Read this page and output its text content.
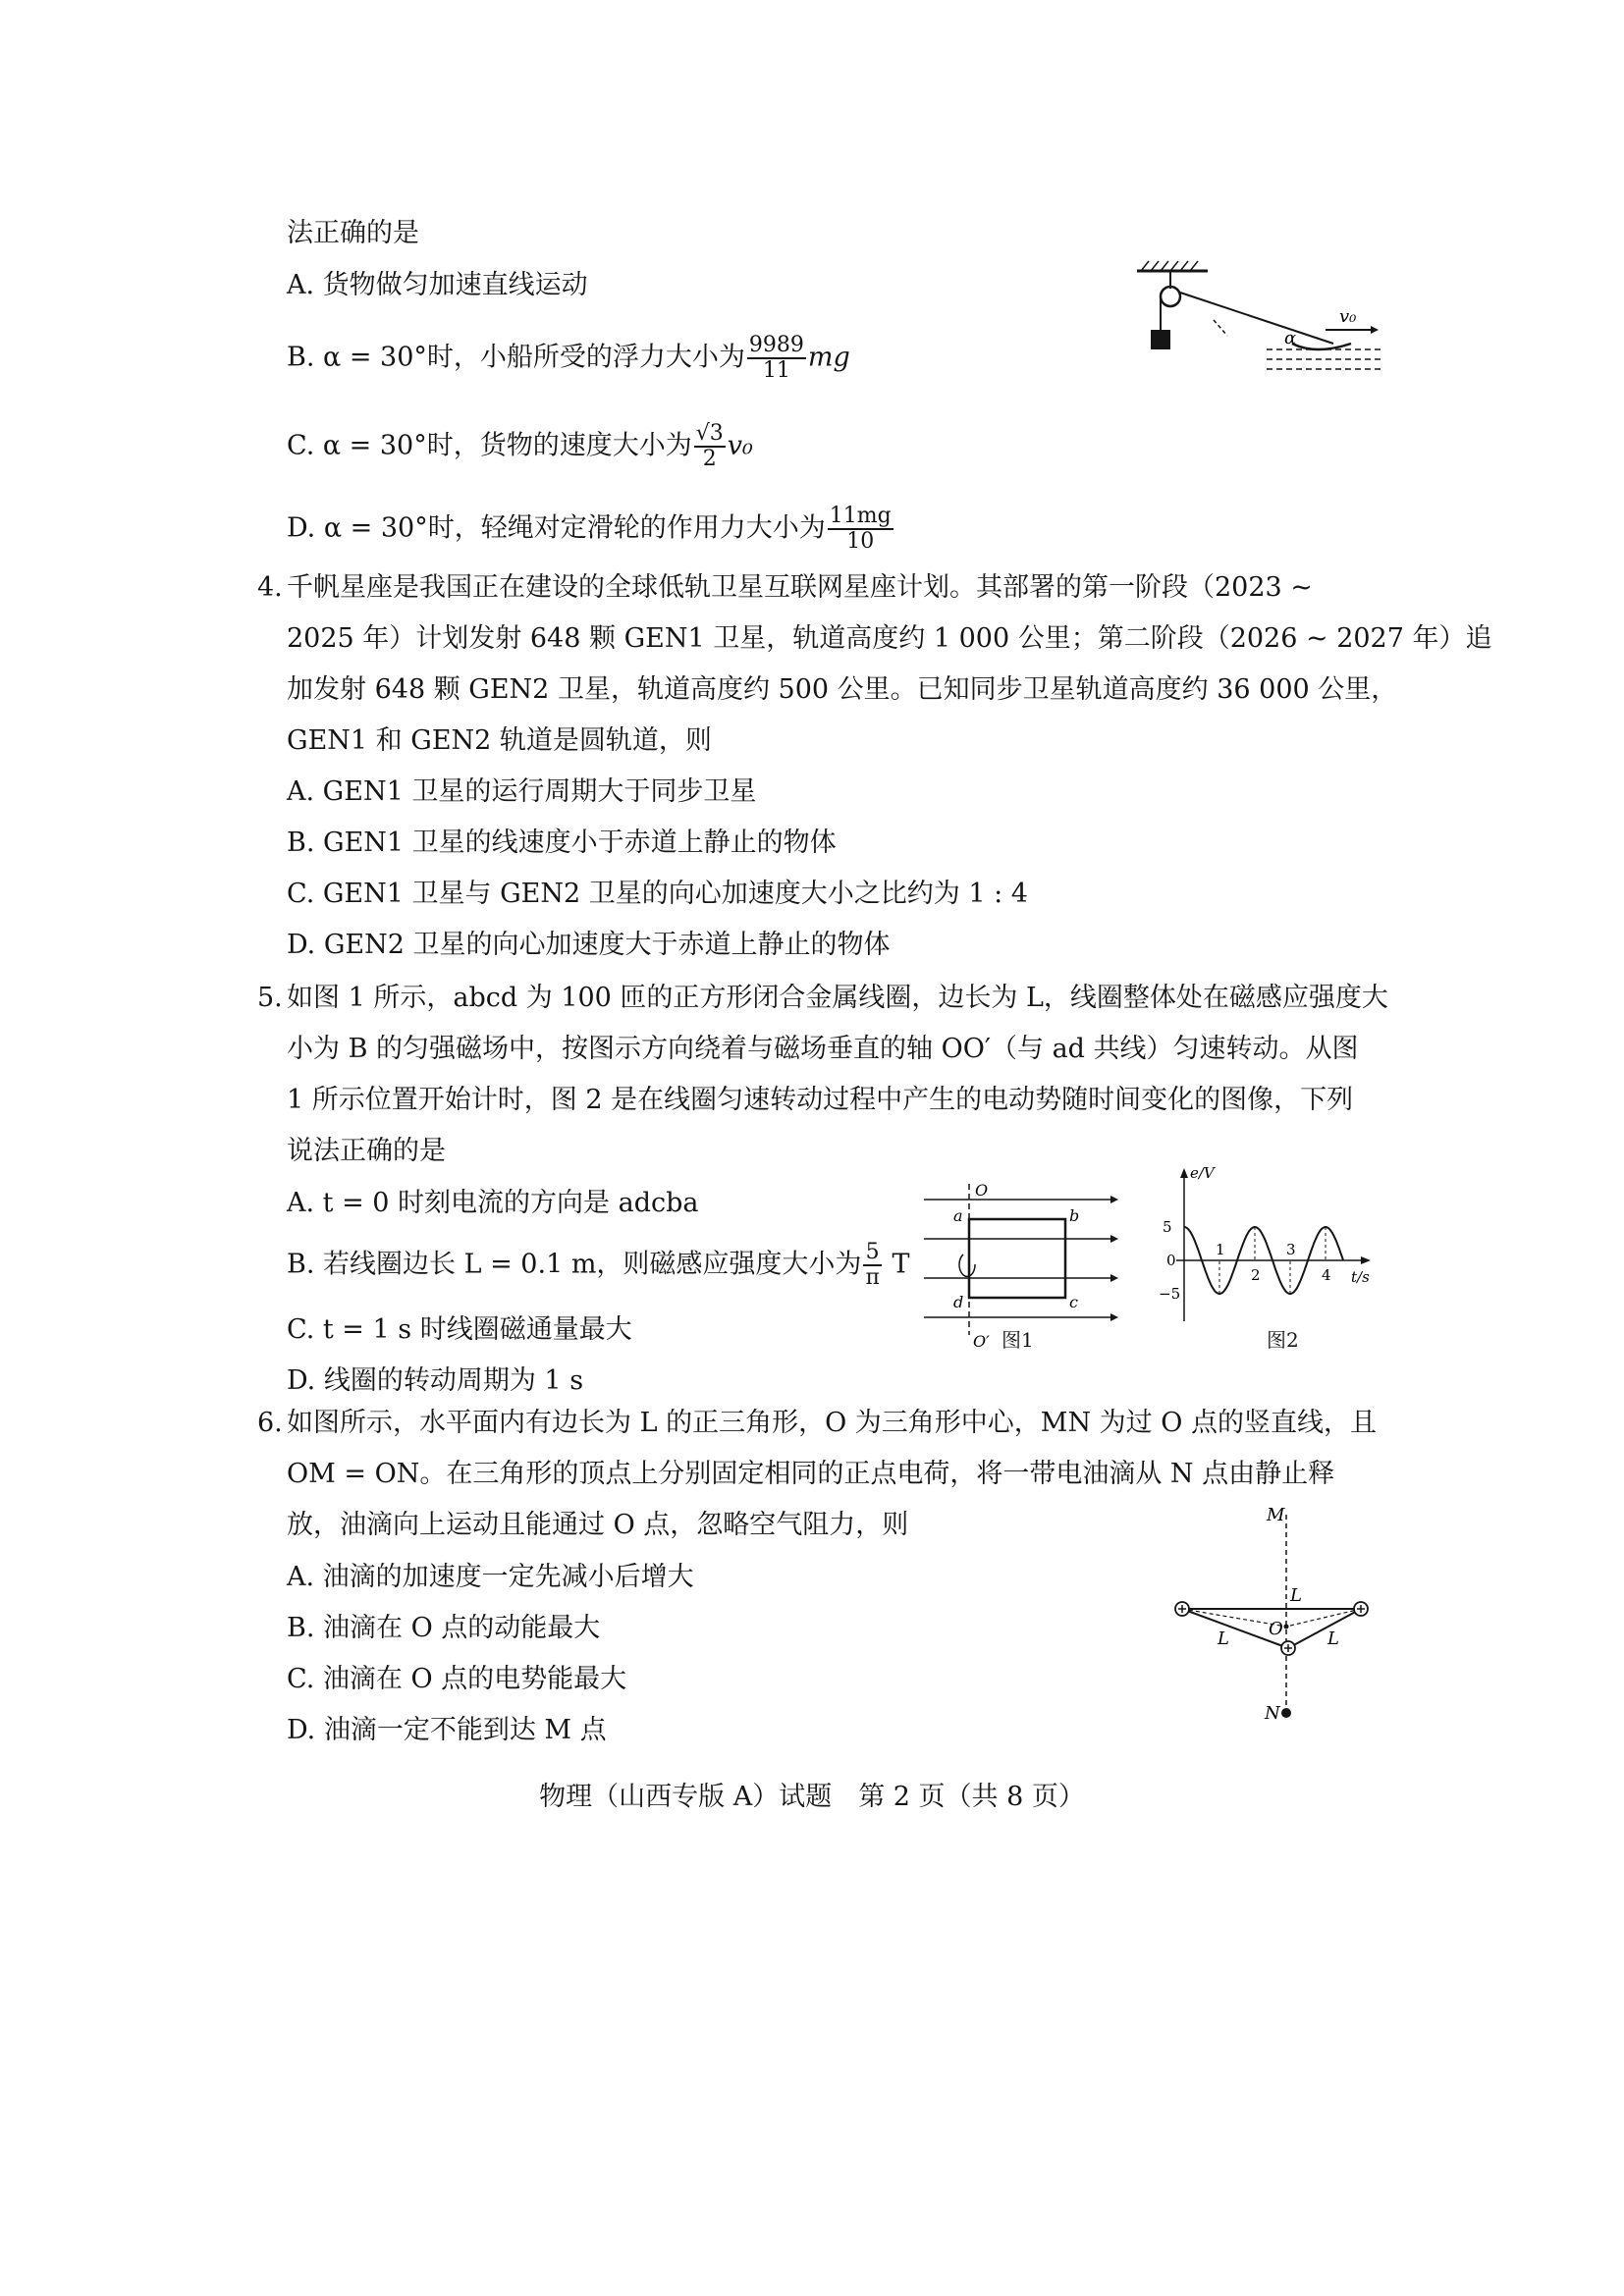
法正确的是
A. 货物做匀加速直线运动
B. α = 30°时，小船所受的浮力大小为 $\frac{9989}{11}$ mg
C. α = 30°时，货物的速度大小为 $\frac{√3}{2} v_0$
D. α = 30°时，轻绳对定滑轮的作用力大小为 $\frac{11mg}{10}$
v₀
α
4. 千帆星座是我国正在建设的全球低轨卫星互联网星座计划。其部署的第一阶段（2023 ~
2025 年）计划发射 648 颗 GEN1 卫星，轨道高度约 1 000 公里；第二阶段（2026 ~ 2027 年）追
加发射 648 颗 GEN2 卫星，轨道高度约 500 公里。已知同步卫星轨道高度约 36 000 公里，
GEN1 和 GEN2 轨道是圆轨道，则
A. GEN1 卫星的运行周期大于同步卫星
B. GEN1 卫星的线速度小于赤道上静止的物体
C. GEN1 卫星与 GEN2 卫星的向心加速度大小之比约为 1 : 4
D. GEN2 卫星的向心加速度大于赤道上静止的物体
5. 如图 1 所示，abcd 为 100 匝的正方形闭合金属线圈，边长为 L，线圈整体处在磁感应强度大
小为 B 的匀强磁场中，按图示方向绕着与磁场垂直的轴 OO′（与 ad 共线）匀速转动。从图
1 所示位置开始计时，图 2 是在线圈匀速转动过程中产生的电动势随时间变化的图像，下列
说法正确的是
A. t = 0 时刻电流的方向是 adcba
B. 若线圈边长 L = 0.1 m，则磁感应强度大小为 $\frac{5}{\pi}$ T
C. t = 1 s 时线圈磁通量最大
D. 线圈的转动周期为 1 s
O
O′
a	b
c
d
图1
1
2
3
4
5
0
−5
e/V
t/s
图2
6. 如图所示，水平面内有边长为 L 的正三角形，O 为三角形中心，MN 为过 O 点的竖直线，且
OM = ON。在三角形的顶点上分别固定相同的正点电荷，将一带电油滴从 N 点由静止释
放，油滴向上运动且能通过 O 点，忽略空气阻力，则
A. 油滴的加速度一定先减小后增大
B. 油滴在 O 点的动能最大
C. 油滴在 O 点的电势能最大
D. 油滴一定不能到达 M 点
M
N
O
L
L	L
物理（山西专版 A）试题　第 2 页（共 8 页）
